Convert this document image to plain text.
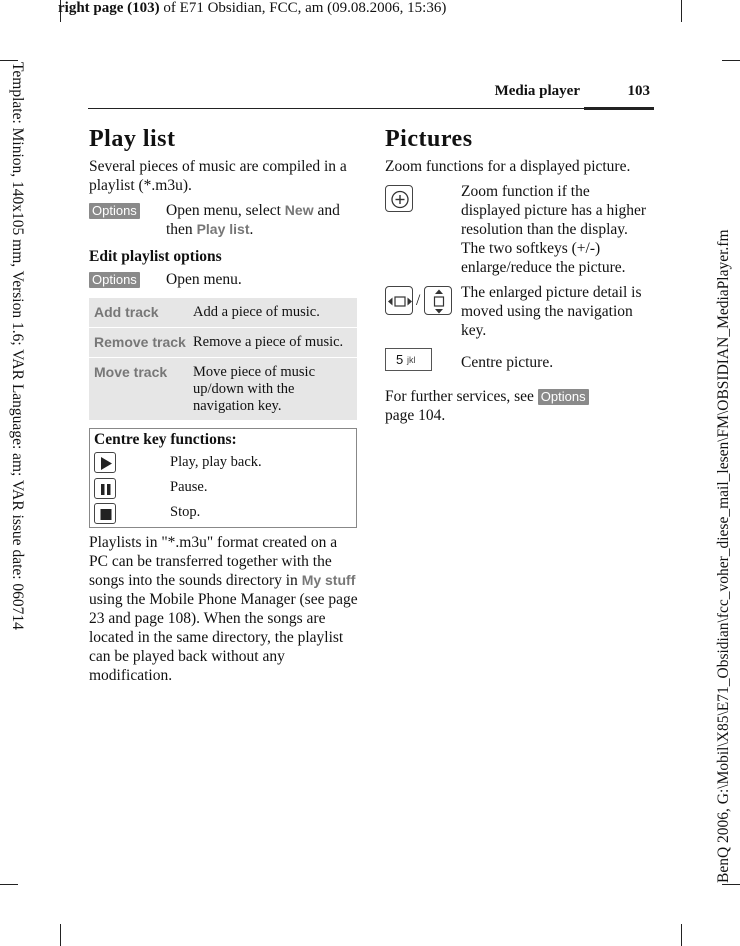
right page (103) of E71 Obsidian, FCC, am (09.08.2006, 15:36)
Template: Minion, 140x105 mm, Version 1.6; VAR Language: am; VAR issue date: 060714	BenQ 2006, G:\Mobil\X85\E71_Obsidian\fcc_voher_diese_mail_lesen\FM\OBSIDIAN_MediaPlayer.fm
Media player	103
Play list

Several pieces of music are compiled in a playlist (*.m3u).

Options Open menu, select New and then Play list.

Edit playlist options

Options Open menu.
Add track Add a piece of music.
Remove track Remove a piece of music.
Move track Move piece of music up/down with the navigation key.
Centre key functions:
Play, play back.
Pause.
Stop.

Playlists in "*.m3u" format created on a PC can be transferred together with the songs into the sounds directory in My stuff using the Mobile Phone Manager (see page 23 and page 108). When the songs are located in the same directory, the playlist can be played back without any modification.

Pictures

Zoom functions for a displayed picture.

Zoom function if the displayed picture has a higher resolution than the display. The two softkeys (+/-) enlarge/reduce the picture.

/	The enlarged picture detail is moved using the navigation key.

5 jkl	Centre picture.

For further services, see Options
page 104.
